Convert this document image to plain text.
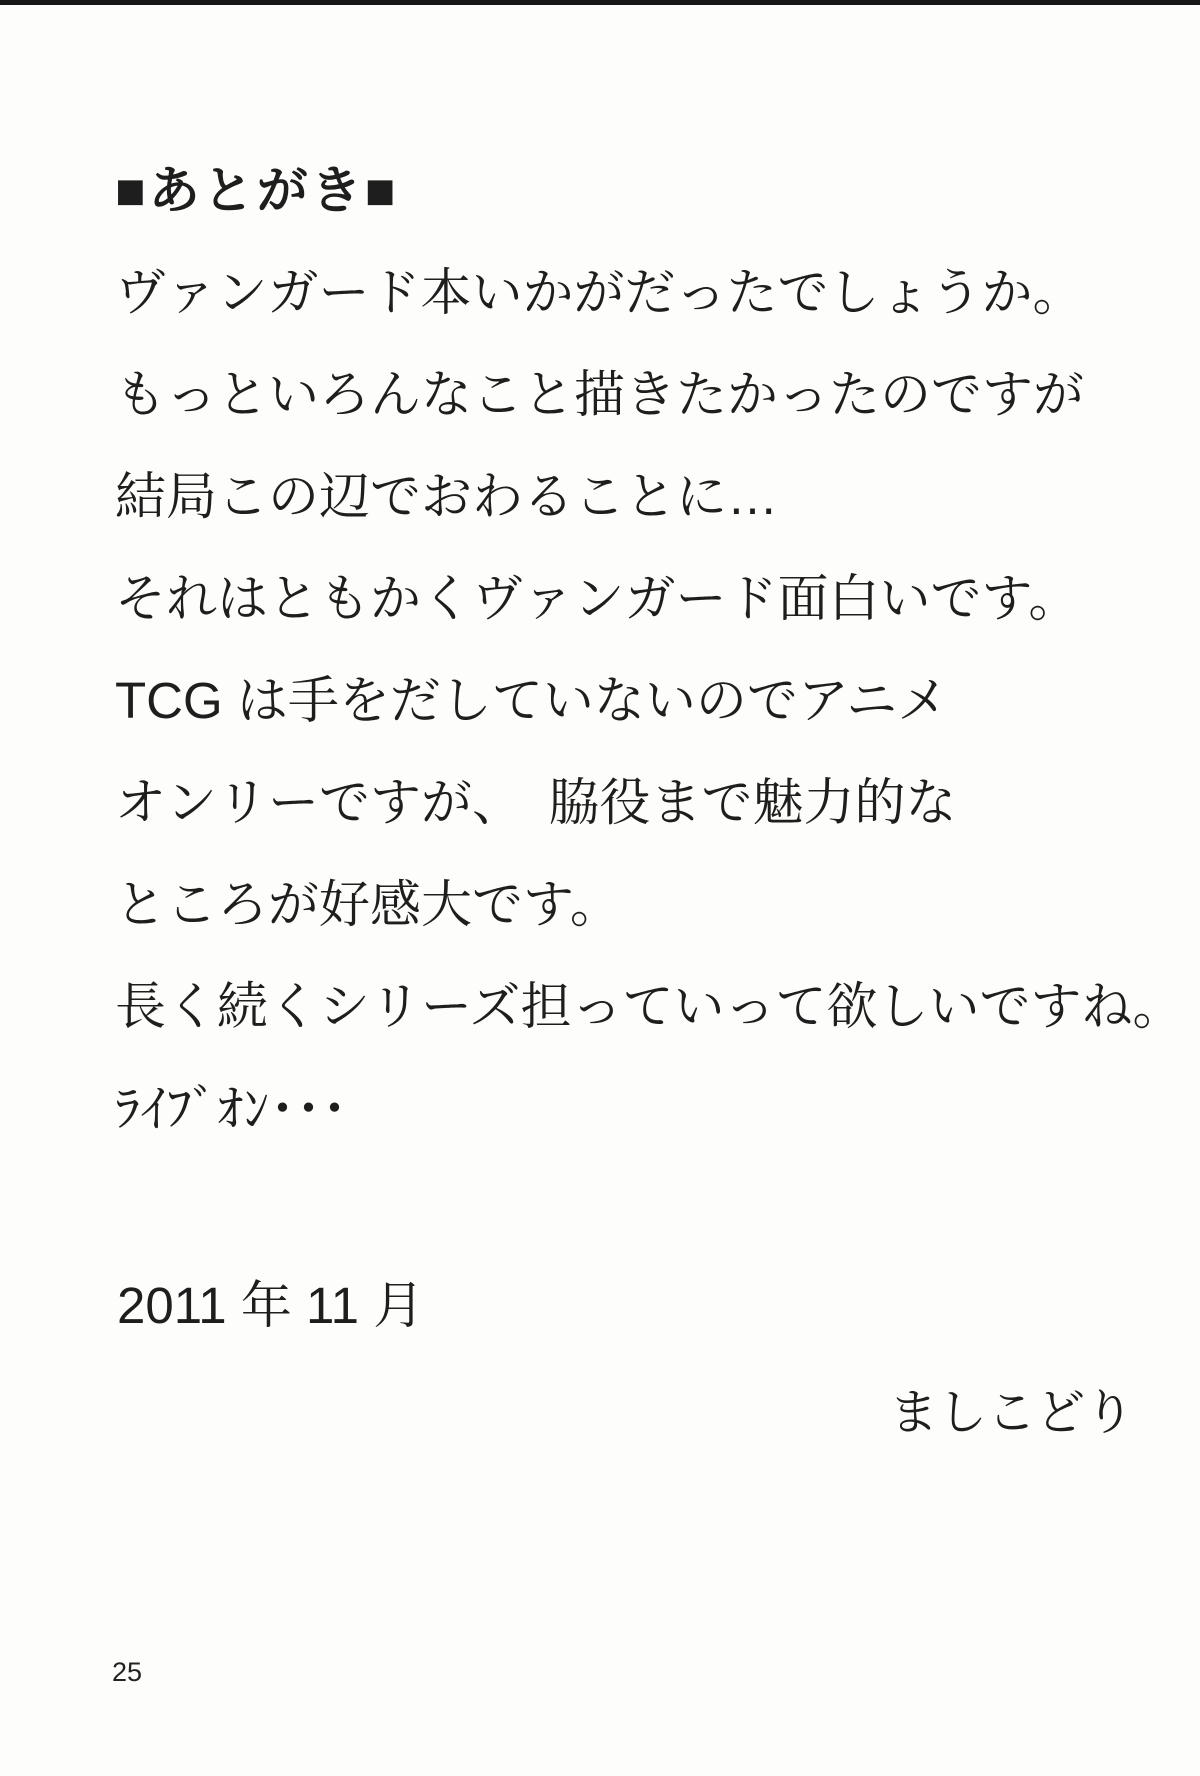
■あとがき■
ヴァンガード本いかがだったでしょうか。
もっといろんなこと描きたかったのですが
結局この辺でおわることに…
それはともかくヴァンガード面白いです。
TCG は手をだしていないのでアニメ
オンリーですが、　脇役まで魅力的な
ところが好感大です。
長く続くシリーズ担っていって欲しいですね。
ﾗｲﾌﾞｵﾝ･･･
2011 年 11 月
ましこどり
25
